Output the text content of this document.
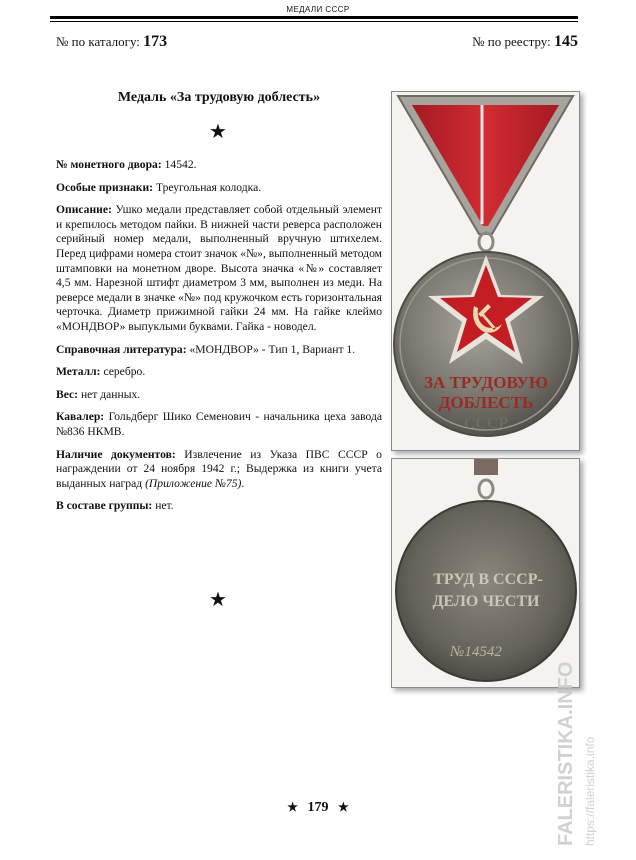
МЕДАЛИ СССР
№ по каталогу: 173	№ по реестру: 145
Медаль «За трудовую доблесть»
★

№ монетного двора: 14542.

Особые признаки: Треугольная колодка.

Описание: Ушко медали представляет собой отдельный элемент и крепилось методом пайки. В нижней части реверса расположен серийный номер медали, выполненный вручную штихелем. Перед цифрами номера стоит значок «№», выполненный методом штамповки на монетном дворе. Высота значка «№» составляет 4,5 мм. Нарезной штифт диаметром 3 мм, выполнен из меди. На реверсе медали в значке «№» под кружочком есть горизонтальная черточка. Диаметр прижимной гайки 24 мм. На гайке клеймо «МОНДВОР» выпуклыми буквами. Гайка - новодел.

Справочная литература: «МОНДВОР» - Тип 1, Вариант 1.

Металл: серебро.

Вес: нет данных.

Кавалер: Гольдберг Шико Семенович - начальника цеха завода №836 НКМВ.

Наличие документов: Извлечение из Указа ПВС СССР о награждении от 24 ноября 1942 г.; Выдержка из книги учета выданных наград (Приложение №75).

В составе группы: нет.

★
ЗА ТРУДОВУЮ
ДОБЛЕСТЬ
СССР
ТРУД В СССР-
ДЕЛО ЧЕСТИ
№14542
FALERISTIKA.INFO https://faleristika.info
★ 179 ★
